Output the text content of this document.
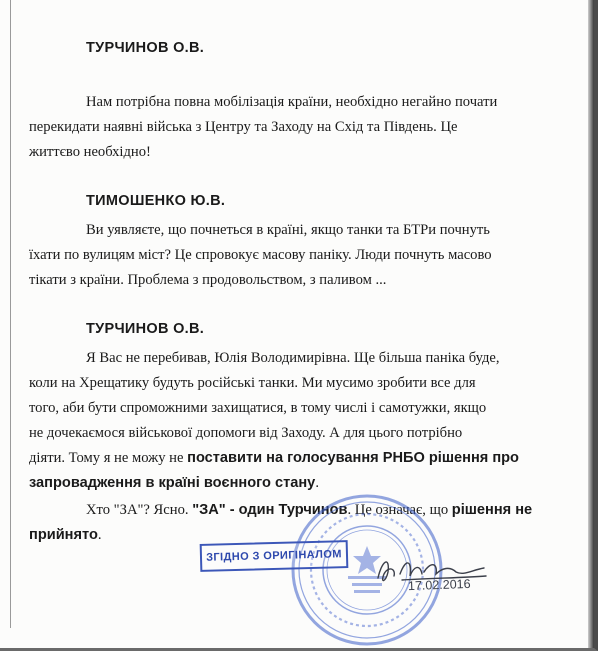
ТУРЧИНОВ О.В.

Нам потрібна повна мобілізація країни, необхідно негайно почати

перекидати наявні війська з Центру та Заходу на Схід та Південь. Це

життєво необхідно!

ТИМОШЕНКО Ю.В.

Ви уявляєте, що почнеться в країні, якщо танки та БТРи почнуть

їхати по вулицям міст? Це спровокує масову паніку. Люди почнуть масово

тікати з країни. Проблема з продовольством, з паливом ...

ТУРЧИНОВ О.В.

Я Вас не перебивав, Юлія Володимирівна. Ще більша паніка буде,

коли на Хрещатику будуть російські танки. Ми мусимо зробити все для

того, аби бути спроможними захищатися, в тому числі і самотужки, якщо

не дочекаємося військової допомоги від Заходу. А для цього потрібно

діяти. Тому я не можу не поставити на голосування РНБО рішення про

запровадження в країні воєнного стану.

Хто "ЗА"? Ясно. "ЗА" - один Турчинов. Це означає, що рішення не

прийнято.

ЗГІДНО З ОРИГІНАЛОМ
17.02.2016
